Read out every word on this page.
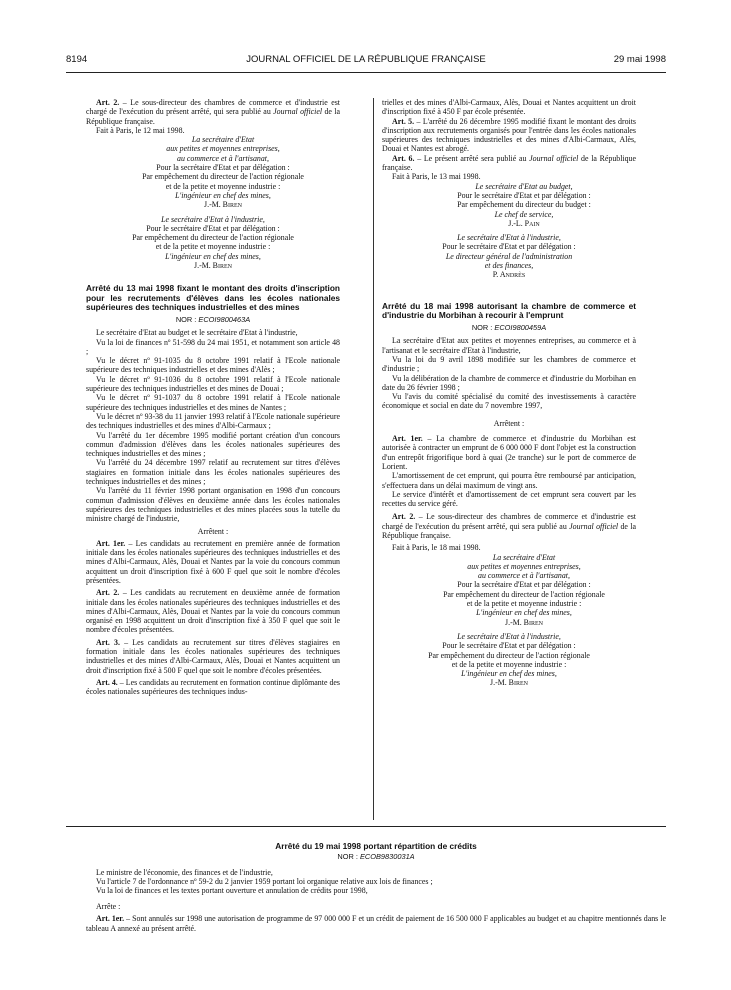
8194	JOURNAL OFFICIEL DE LA RÉPUBLIQUE FRANÇAISE	29 mai 1998

Art. 2. – Le sous-directeur des chambres de commerce et d'industrie est chargé de l'exécution du présent arrêté, qui sera publié au Journal officiel de la République française.

Fait à Paris, le 12 mai 1998.

La secrétaire d'Etat

aux petites et moyennes entreprises,

au commerce et à l'artisanat,

Pour la secrétaire d'Etat et par délégation :

Par empêchement du directeur de l'action régionale

et de la petite et moyenne industrie :

L'ingénieur en chef des mines,

J.-M. Biren

Le secrétaire d'Etat à l'industrie,

Pour le secrétaire d'Etat et par délégation :

Par empêchement du directeur de l'action régionale

et de la petite et moyenne industrie :

L'ingénieur en chef des mines,

J.-M. Biren

Arrêté du 13 mai 1998 fixant le montant des droits d'inscription pour les recrutements d'élèves dans les écoles nationales supérieures des techniques industrielles et des mines

NOR : ECOI9800463A

Le secrétaire d'Etat au budget et le secrétaire d'Etat à l'industrie,

Vu la loi de finances nº 51-598 du 24 mai 1951, et notamment son article 48 ;

Vu le décret nº 91-1035 du 8 octobre 1991 relatif à l'Ecole nationale supérieure des techniques industrielles et des mines d'Alès ;

Vu le décret nº 91-1036 du 8 octobre 1991 relatif à l'Ecole nationale supérieure des techniques industrielles et des mines de Douai ;

Vu le décret nº 91-1037 du 8 octobre 1991 relatif à l'Ecole nationale supérieure des techniques industrielles et des mines de Nantes ;

Vu le décret nº 93-38 du 11 janvier 1993 relatif à l'Ecole nationale supérieure des techniques industrielles et des mines d'Albi-Carmaux ;

Vu l'arrêté du 1er décembre 1995 modifié portant création d'un concours commun d'admission d'élèves dans les écoles nationales supérieures des techniques industrielles et des mines ;

Vu l'arrêté du 24 décembre 1997 relatif au recrutement sur titres d'élèves stagiaires en formation initiale dans les écoles nationales supérieures des techniques industrielles et des mines ;

Vu l'arrêté du 11 février 1998 portant organisation en 1998 d'un concours commun d'admission d'élèves en deuxième année dans les écoles nationales supérieures des techniques industrielles et des mines placées sous la tutelle du ministre chargé de l'industrie,

Arrêtent :

Art. 1er. – Les candidats au recrutement en première année de formation initiale dans les écoles nationales supérieures des techniques industrielles et des mines d'Albi-Carmaux, Alès, Douai et Nantes par la voie du concours commun acquittent un droit d'inscription fixé à 600 F quel que soit le nombre d'écoles présentées.

Art. 2. – Les candidats au recrutement en deuxième année de formation initiale dans les écoles nationales supérieures des techniques industrielles et des mines d'Albi-Carmaux, Alès, Douai et Nantes par la voie du concours commun organisé en 1998 acquittent un droit d'inscription fixé à 350 F quel que soit le nombre d'écoles présentées.

Art. 3. – Les candidats au recrutement sur titres d'élèves stagiaires en formation initiale dans les écoles nationales supérieures des techniques industrielles et des mines d'Albi-Carmaux, Alès, Douai et Nantes acquittent un droit d'inscription fixé à 500 F quel que soit le nombre d'écoles présentées.

Art. 4. – Les candidats au recrutement en formation continue diplômante des écoles nationales supérieures des techniques indus-

trielles et des mines d'Albi-Carmaux, Alès, Douai et Nantes acquittent un droit d'inscription fixé à 450 F par école présentée.

Art. 5. – L'arrêté du 26 décembre 1995 modifié fixant le montant des droits d'inscription aux recrutements organisés pour l'entrée dans les écoles nationales supérieures des techniques industrielles et des mines d'Albi-Carmaux, Alès, Douai et Nantes est abrogé.

Art. 6. – Le présent arrêté sera publié au Journal officiel de la République française.

Fait à Paris, le 13 mai 1998.

Le secrétaire d'Etat au budget,

Pour le secrétaire d'Etat et par délégation :

Par empêchement du directeur du budget :

Le chef de service,

J.-L. Pain

Le secrétaire d'Etat à l'industrie,

Pour le secrétaire d'Etat et par délégation :

Le directeur général de l'administration

et des finances,

P. Andrès

Arrêté du 18 mai 1998 autorisant la chambre de commerce et d'industrie du Morbihan à recourir à l'emprunt

NOR : ECOI9800459A

La secrétaire d'Etat aux petites et moyennes entreprises, au commerce et à l'artisanat et le secrétaire d'Etat à l'industrie,

Vu la loi du 9 avril 1898 modifiée sur les chambres de commerce et d'industrie ;

Vu la délibération de la chambre de commerce et d'industrie du Morbihan en date du 26 février 1998 ;

Vu l'avis du comité spécialisé du comité des investissements à caractère économique et social en date du 7 novembre 1997,

Arrêtent :

Art. 1er. – La chambre de commerce et d'industrie du Morbihan est autorisée à contracter un emprunt de 6 000 000 F dont l'objet est la construction d'un entrepôt frigorifique bord à quai (2e tranche) sur le port de commerce de Lorient.

L'amortissement de cet emprunt, qui pourra être remboursé par anticipation, s'effectuera dans un délai maximum de vingt ans.

Le service d'intérêt et d'amortissement de cet emprunt sera couvert par les recettes du service géré.

Art. 2. – Le sous-directeur des chambres de commerce et d'industrie est chargé de l'exécution du présent arrêté, qui sera publié au Journal officiel de la République française.

Fait à Paris, le 18 mai 1998.

La secrétaire d'Etat

aux petites et moyennes entreprises,

au commerce et à l'artisanat,

Pour la secrétaire d'Etat et par délégation :

Par empêchement du directeur de l'action régionale

et de la petite et moyenne industrie :

L'ingénieur en chef des mines,

J.-M. Biren

Le secrétaire d'Etat à l'industrie,

Pour le secrétaire d'Etat et par délégation :

Par empêchement du directeur de l'action régionale

et de la petite et moyenne industrie :

L'ingénieur en chef des mines,

J.-M. Biren

Arrêté du 19 mai 1998 portant répartition de crédits

NOR : ECOB9830031A

Le ministre de l'économie, des finances et de l'industrie,

Vu l'article 7 de l'ordonnance nº 59-2 du 2 janvier 1959 portant loi organique relative aux lois de finances ;

Vu la loi de finances et les textes portant ouverture et annulation de crédits pour 1998,

Arrête :

Art. 1er. – Sont annulés sur 1998 une autorisation de programme de 97 000 000 F et un crédit de paiement de 16 500 000 F applicables au budget et au chapitre mentionnés dans le tableau A annexé au présent arrêté.
